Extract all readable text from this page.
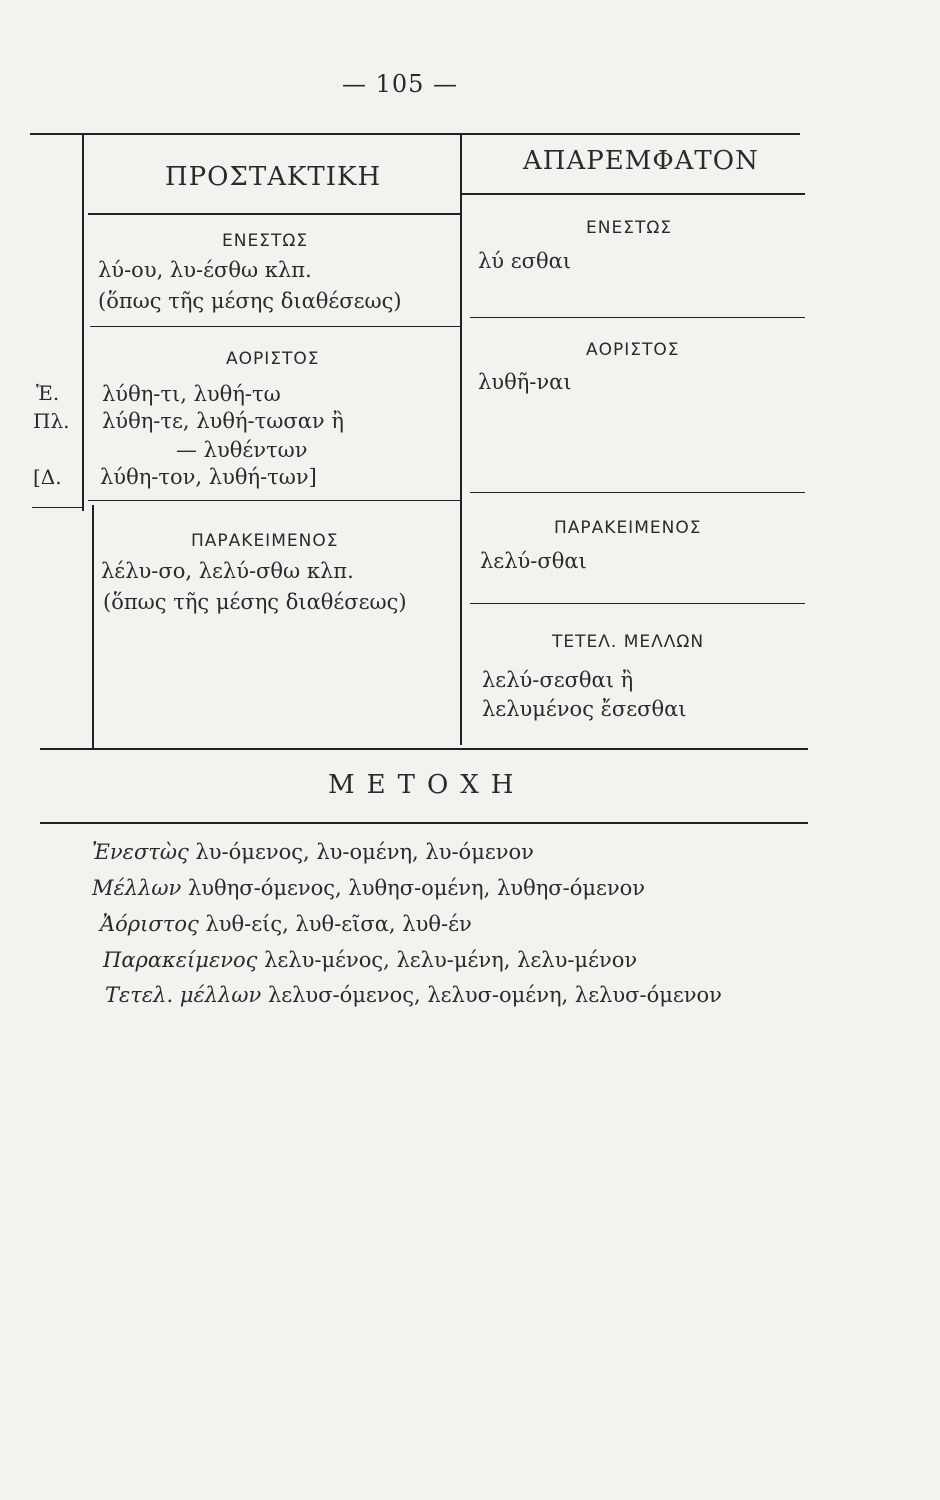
— 105 —
ΠΡΟΣΤΑΚΤΙΚΗ
ΑΠΑΡΕΜΦΑΤΟΝ
ΕΝΕΣΤΩΣ
λύ-ου, λυ-έσθω κλπ.
(ὅπως τῆς μέσης διαθέσεως)
ΑΟΡΙΣΤΟΣ
λύθη-τι, λυθή-τω
λύθη-τε, λυθή-τωσαν ἢ
— λυθέντων
λύθη-τον, λυθή-των]
Ἑ.
Πλ.
[Δ.
ΠΑΡΑΚΕΙΜΕΝΟΣ
λέλυ-σο, λελύ-σθω κλπ.
(ὅπως τῆς μέσης διαθέσεως)
ΕΝΕΣΤΩΣ
λύ εσθαι
ΑΟΡΙΣΤΟΣ
λυθῆ-ναι
ΠΑΡΑΚΕΙΜΕΝΟΣ
λελύ-σθαι
ΤΕΤΕΛ. ΜΕΛΛΩΝ
λελύ-σεσθαι ἢ
λελυμένος ἔσεσθαι
ΜΕΤΟΧΗ
Ἐνεστὼς λυ-όμενος, λυ-ομένη, λυ-όμενον
Μέλλων λυθησ-όμενος, λυθησ-ομένη, λυθησ-όμενον
Ἀόριστος λυθ-είς, λυθ-εῖσα, λυθ-έν
Παρακείμενος λελυ-μένος, λελυ-μένη, λελυ-μένον
Τετελ. μέλλων λελυσ-όμενος, λελυσ-ομένη, λελυσ-όμενον
